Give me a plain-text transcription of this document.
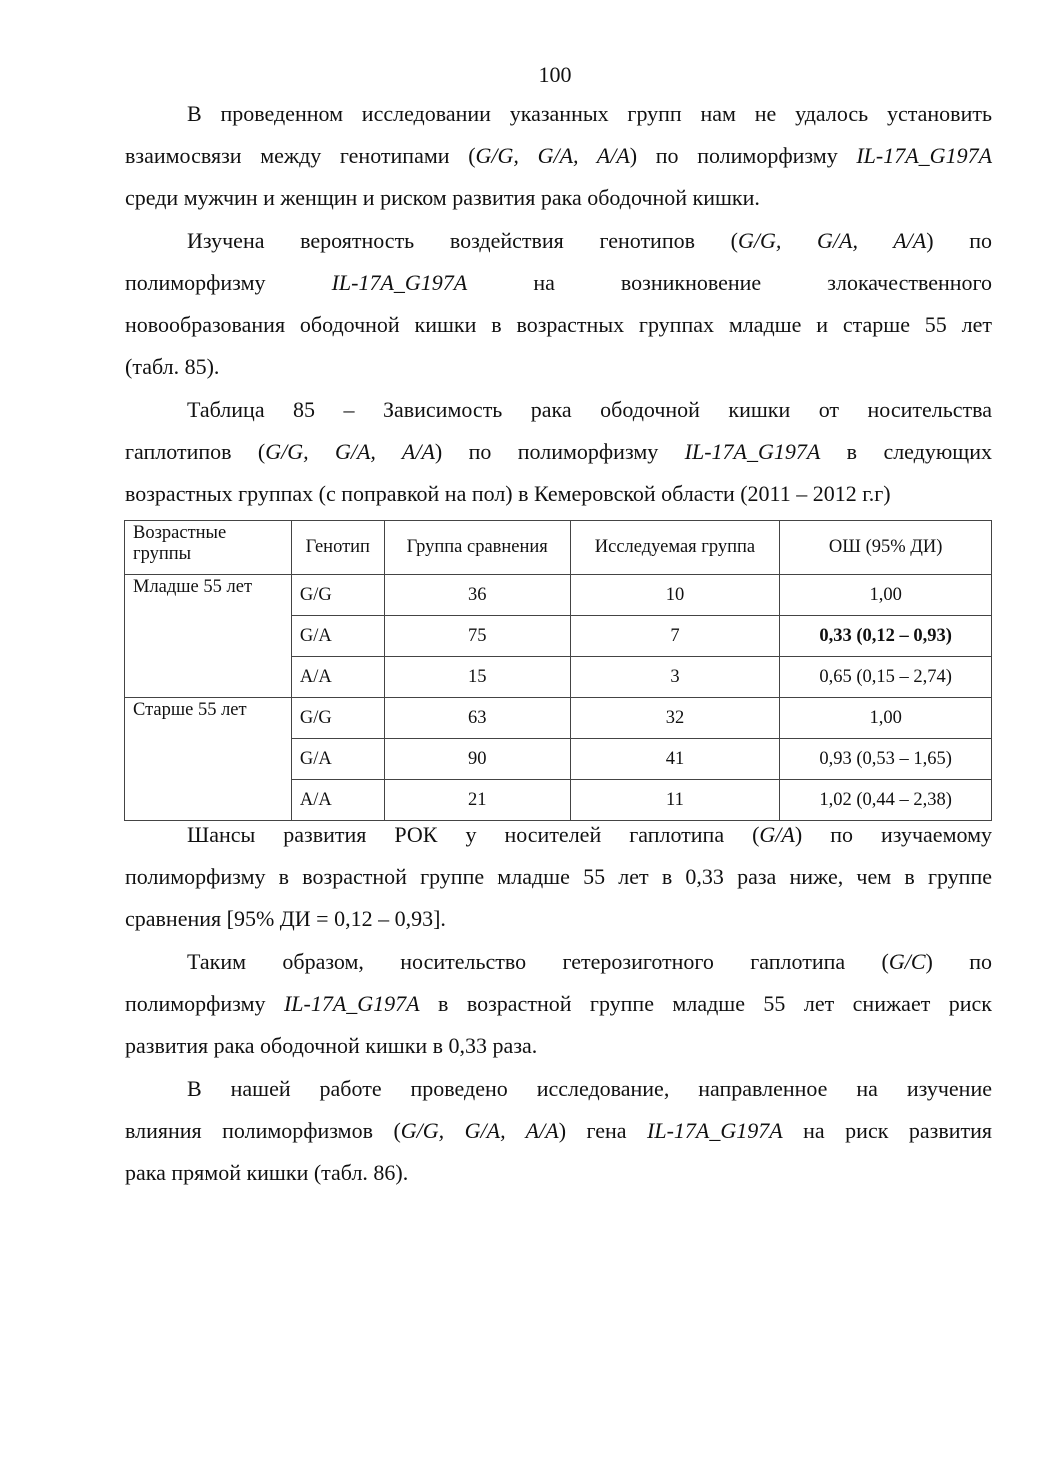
100
В проведенном исследовании указанных групп нам не удалось установить
взаимосвязи между генотипами (G/G, G/A, A/A) по полиморфизму IL-17A_G197A
среди мужчин и женщин и риском развития рака ободочной кишки.
Изучена вероятность воздействия генотипов (G/G, G/A, A/A) по
полиморфизму IL-17A_G197A на возникновение злокачественного
новообразования ободочной кишки в возрастных группах младше и старше 55 лет
(табл. 85).
Таблица 85 – Зависимость рака ободочной кишки от носительства
гаплотипов (G/G, G/A, A/A) по полиморфизму IL-17A_G197A в следующих
возрастных группах (с поправкой на пол) в Кемеровской области (2011 – 2012 г.г)
Возрастные группы	Генотип	Группа сравнения	Исследуемая группа	ОШ (95% ДИ)
Младше 55 лет	G/G	36	10	1,00
	G/A	75	7	0,33 (0,12 – 0,93)
	A/A	15	3	0,65 (0,15 – 2,74)
Старше 55 лет	G/G	63	32	1,00
	G/A	90	41	0,93 (0,53 – 1,65)
	A/A	21	11	1,02 (0,44 – 2,38)
Шансы развития РОК у носителей гаплотипа (G/A) по изучаемому
полиморфизму в возрастной группе младше 55 лет в 0,33 раза ниже, чем в группе
сравнения [95% ДИ = 0,12 – 0,93].
Таким образом, носительство гетерозиготного гаплотипа (G/C) по
полиморфизму IL-17A_G197A в возрастной группе младше 55 лет снижает риск
развития рака ободочной кишки в 0,33 раза.
В нашей работе проведено исследование, направленное на изучение
влияния полиморфизмов (G/G, G/A, A/A) гена IL-17A_G197A на риск развития
рака прямой кишки (табл. 86).
